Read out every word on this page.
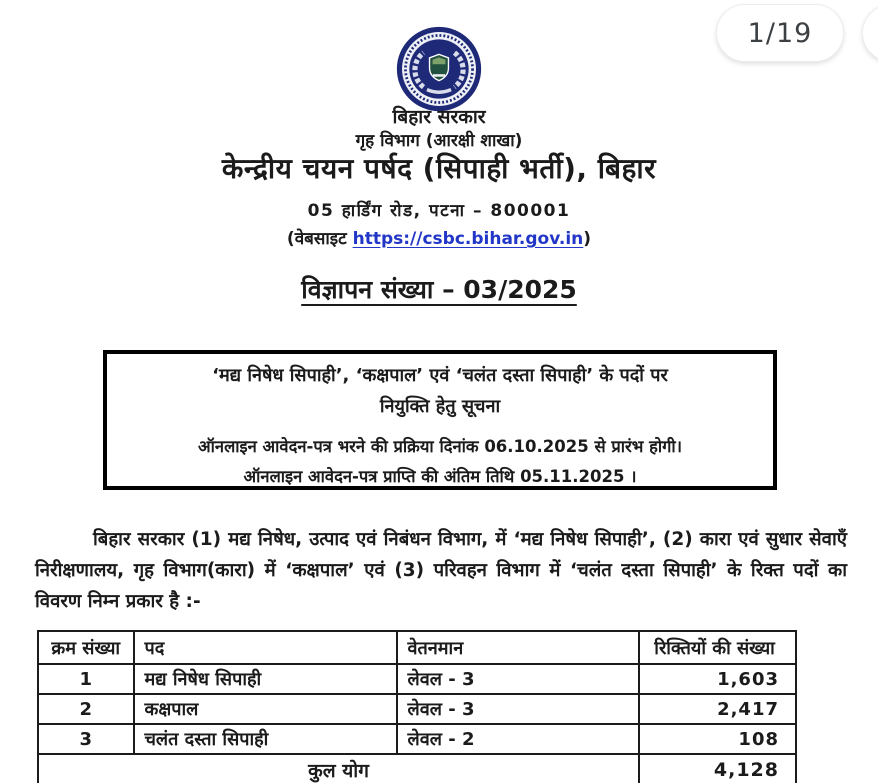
1/19
बिहार सरकार
गृह विभाग (आरक्षी शाखा)
केन्द्रीय चयन पर्षद (सिपाही भर्ती), बिहार
05 हार्डिंग रोड, पटना – 800001
(वेबसाइट https://csbc.bihar.gov.in)
विज्ञापन संख्या – 03/2025
‘मद्य निषेध सिपाही’, ‘कक्षपाल’ एवं ‘चलंत दस्ता सिपाही’ के पदों पर
नियुक्ति हेतु सूचना
ऑनलाइन आवेदन-पत्र भरने की प्रक्रिया दिनांक 06.10.2025 से प्रारंभ होगी।
ऑनलाइन आवेदन-पत्र प्राप्ति की अंतिम तिथि 05.11.2025 ।
बिहार सरकार (1) मद्य निषेध, उत्पाद एवं निबंधन विभाग, में ‘मद्य निषेध सिपाही’, (2) कारा एवं सुधार सेवाएँ निरीक्षणालय, गृह विभाग(कारा) में ‘कक्षपाल’ एवं (3) परिवहन विभाग में ‘चलंत दस्ता सिपाही’ के रिक्त पदों का विवरण निम्न प्रकार है :-
क्रम संख्या	पद	वेतनमान	रिक्तियों की संख्या
1	मद्य निषेध सिपाही	लेवल - 3	1,603
2	कक्षपाल	लेवल - 3	2,417
3	चलंत दस्ता सिपाही	लेवल - 2	108
कुल योग			4,128
